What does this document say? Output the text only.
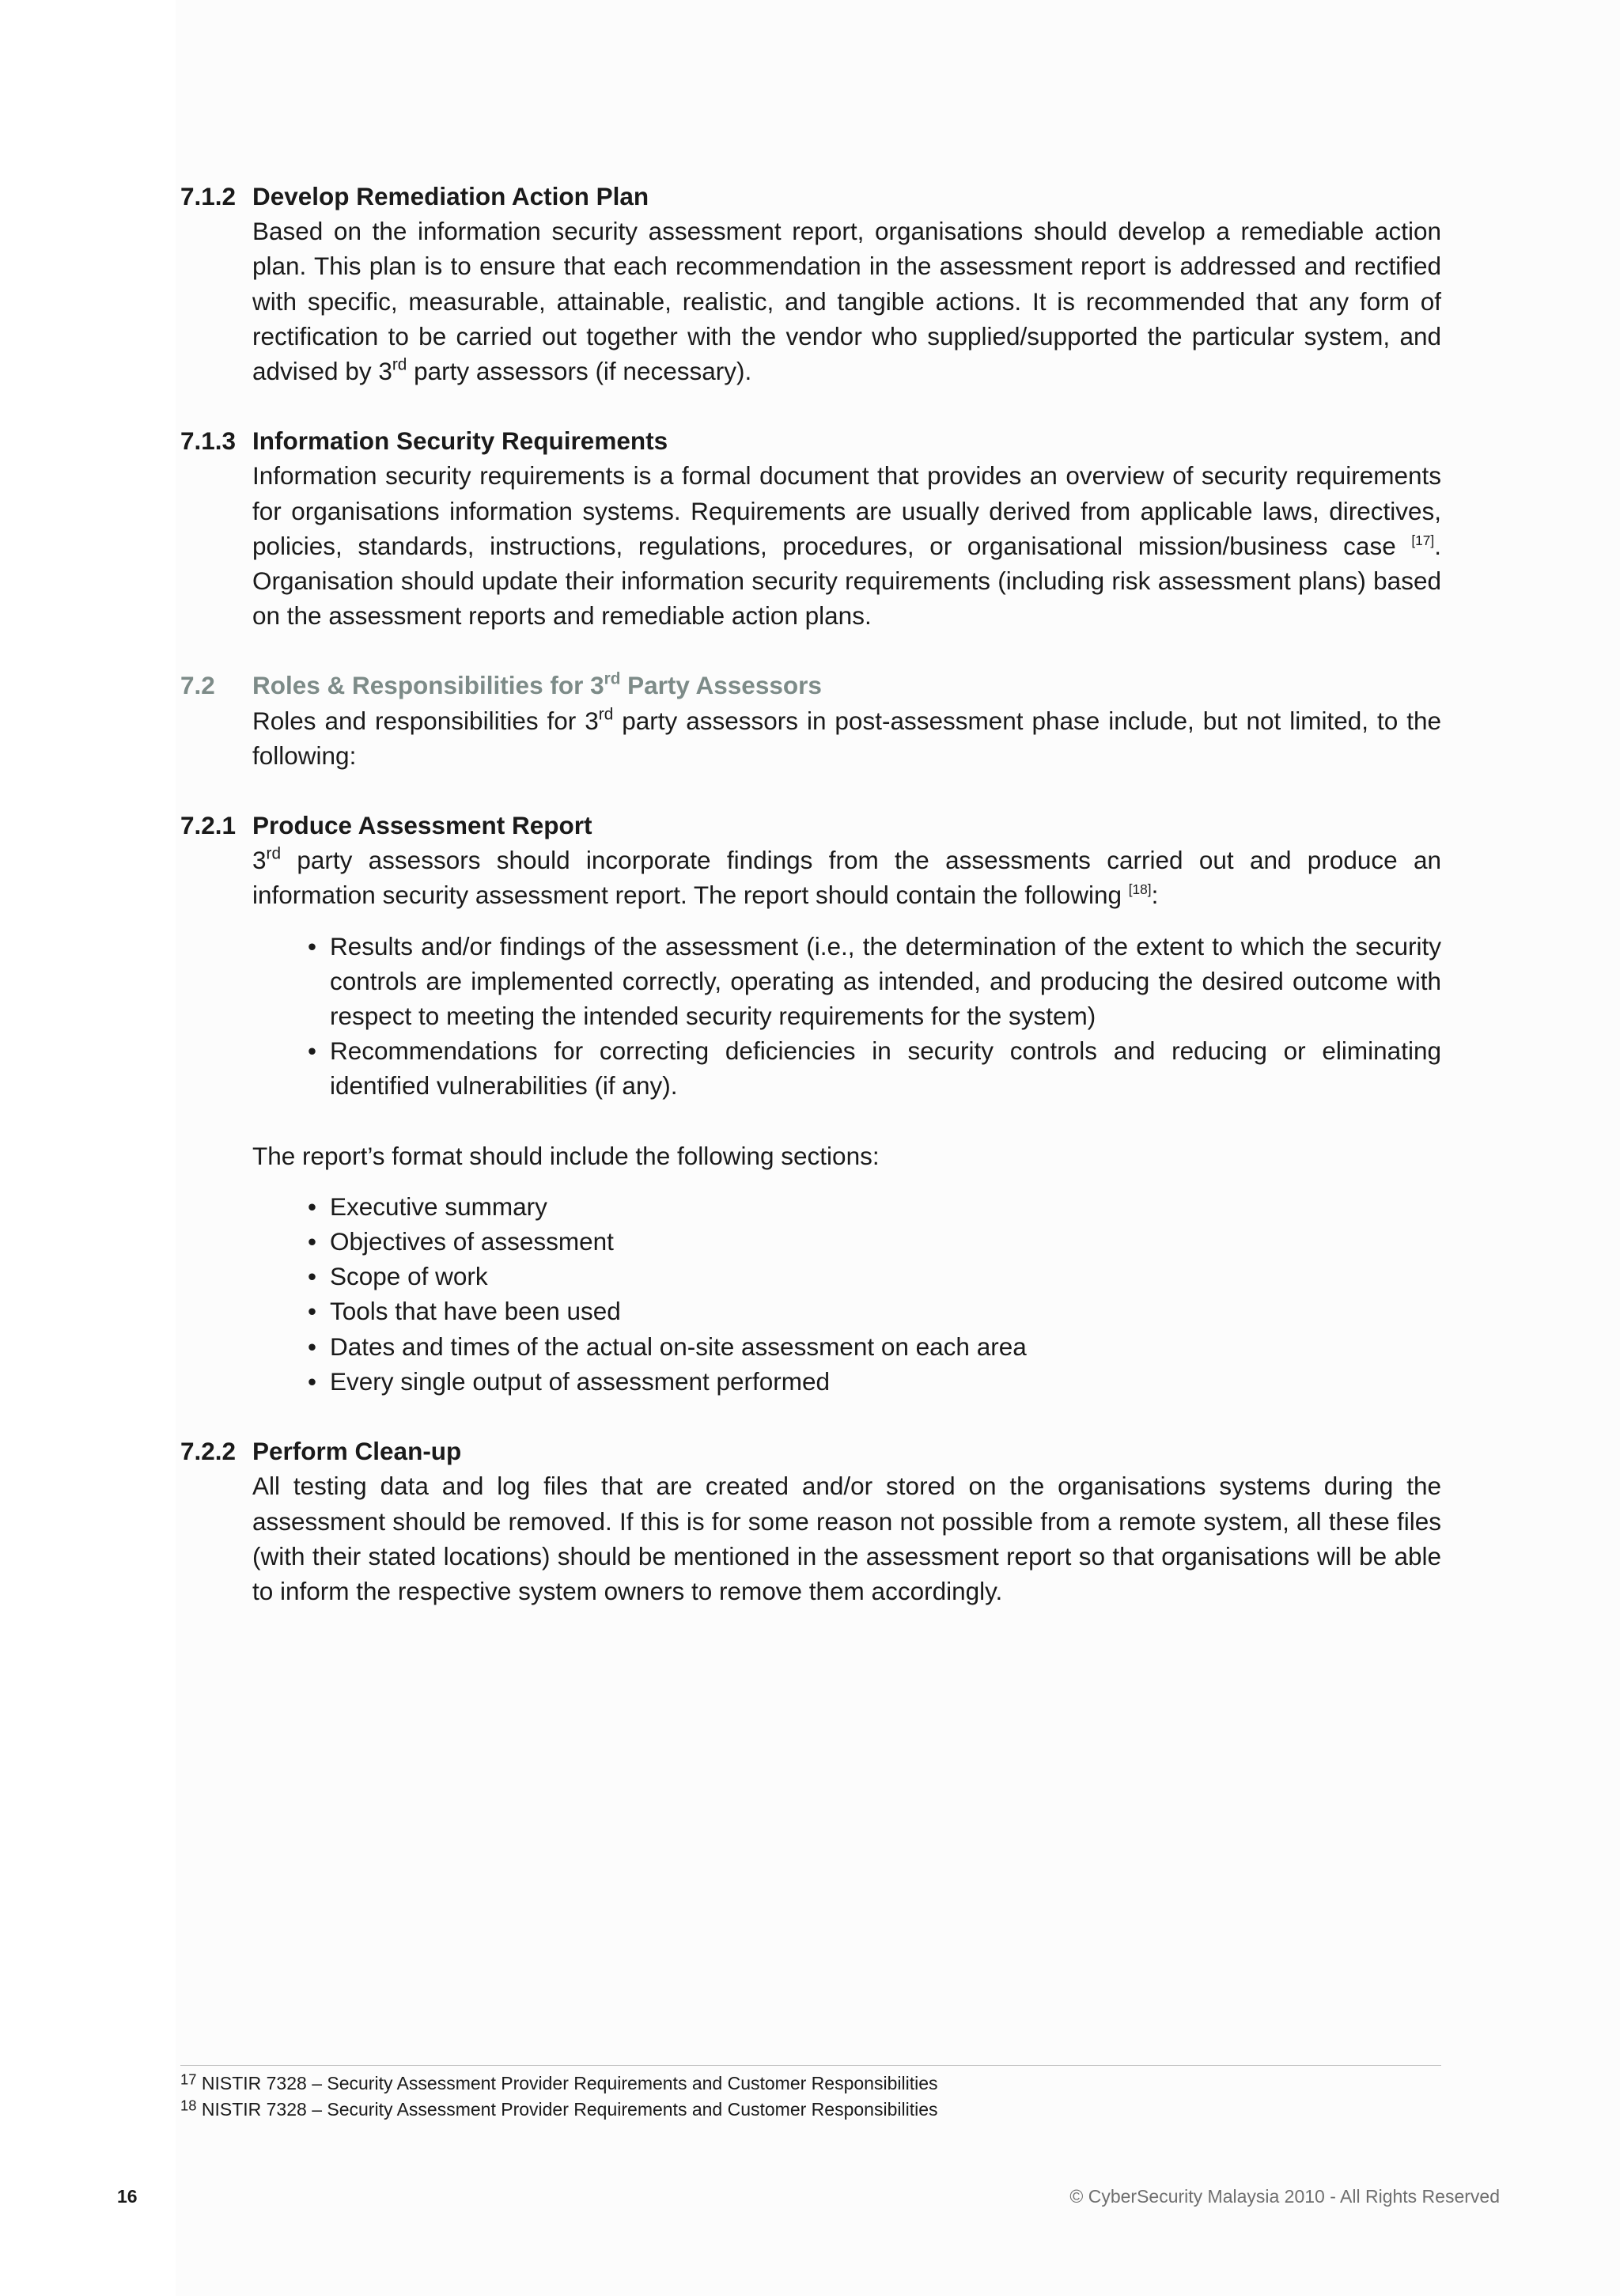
7.1.2 Develop Remediation Action Plan

Based on the information security assessment report, organisations should develop a remediable action plan. This plan is to ensure that each recommendation in the assessment report is addressed and rectified with specific, measurable, attainable, realistic, and tangible actions. It is recommended that any form of rectification to be carried out together with the vendor who supplied/supported the particular system, and advised by 3rd party assessors (if necessary).

7.1.3 Information Security Requirements

Information security requirements is a formal document that provides an overview of security requirements for organisations information systems. Requirements are usually derived from applicable laws, directives, policies, standards, instructions, regulations, procedures, or organisational mission/business case [17]. Organisation should update their information security requirements (including risk assessment plans) based on the assessment reports and remediable action plans.

7.2	Roles & Responsibilities for 3rd Party Assessors

Roles and responsibilities for 3rd party assessors in post-assessment phase include, but not limited, to the following:

7.2.1 Produce Assessment Report

3rd party assessors should incorporate findings from the assessments carried out and produce an information security assessment report. The report should contain the following [18]:

• Results and/or findings of the assessment (i.e., the determination of the extent to which the security controls are implemented correctly, operating as intended, and producing the desired outcome with respect to meeting the intended security requirements for the system)
• Recommendations for correcting deficiencies in security controls and reducing or eliminating identified vulnerabilities (if any).

The report’s format should include the following sections:

• Executive summary
• Objectives of assessment
• Scope of work
• Tools that have been used
• Dates and times of the actual on-site assessment on each area
• Every single output of assessment performed
7.2.2 Perform Clean-up

All testing data and log files that are created and/or stored on the organisations systems during the assessment should be removed. If this is for some reason not possible from a remote system, all these files (with their stated locations) should be mentioned in the assessment report so that organisations will be able to inform the respective system owners to remove them accordingly.

$^{17}$ NISTIR 7328 – Security Assessment Provider Requirements and Customer Responsibilities
$^{18}$ NISTIR 7328 – Security Assessment Provider Requirements and Customer Responsibilities
16	© CyberSecurity Malaysia 2010 - All Rights Reserved
